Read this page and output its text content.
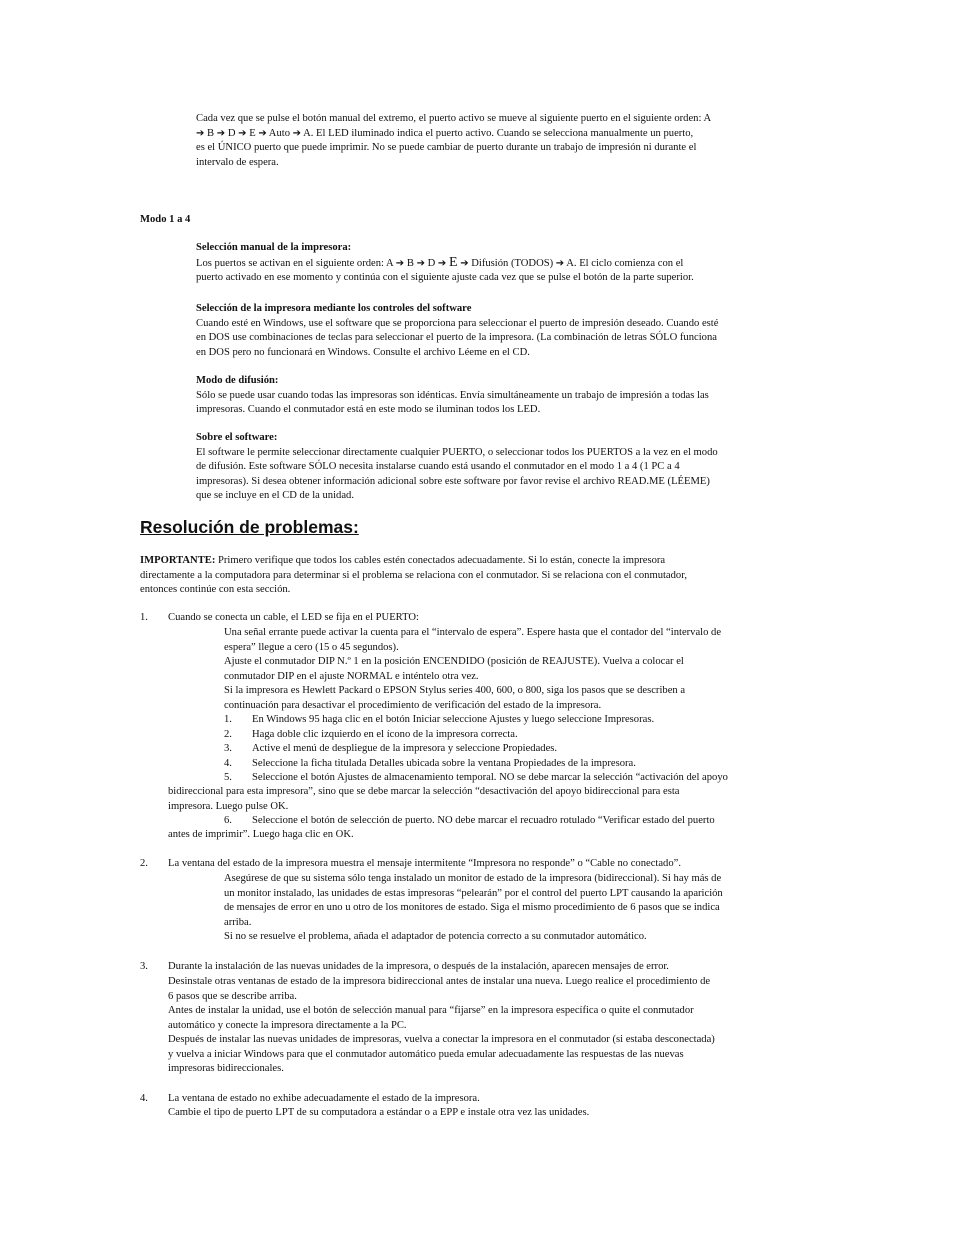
Cada vez que se pulse el botón manual del extremo, el puerto activo se mueve al siguiente puerto en el siguiente orden: A

➔ B ➔ D ➔ E ➔ Auto ➔ A. El LED iluminado indica el puerto activo. Cuando se selecciona manualmente un puerto,

es el ÚNICO puerto que puede imprimir. No se puede cambiar de puerto durante un trabajo de impresión ni durante el

intervalo de espera.

Modo 1 a 4

Selección manual de la impresora:

Los puertos se activan en el siguiente orden: A ➔ B ➔ D ➔ E ➔ Difusión (TODOS) ➔ A. El ciclo comienza con el

puerto activado en ese momento y continúa con el siguiente ajuste cada vez que se pulse el botón de la parte superior.

Selección de la impresora mediante los controles del software

Cuando esté en Windows, use el software que se proporciona para seleccionar el puerto de impresión deseado. Cuando esté

en DOS use combinaciones de teclas para seleccionar el puerto de la impresora. (La combinación de letras SÓLO funciona

en DOS pero no funcionará en Windows. Consulte el archivo Léeme en el CD.

Modo de difusión:

Sólo se puede usar cuando todas las impresoras son idénticas. Envía simultáneamente un trabajo de impresión a todas las

impresoras. Cuando el conmutador está en este modo se iluminan todos los LED.

Sobre el software:

El software le permite seleccionar directamente cualquier PUERTO, o seleccionar todos los PUERTOS a la vez en el modo

de difusión. Este software SÓLO necesita instalarse cuando está usando el conmutador en el modo 1 a 4 (1 PC a 4

impresoras). Si desea obtener información adicional sobre este software por favor revise el archivo READ.ME (LÉEME)

que se incluye en el CD de la unidad.

Resolución de problemas:

IMPORTANTE: Primero verifique que todos los cables estén conectados adecuadamente. Si lo están, conecte la impresora

directamente a la computadora para determinar si el problema se relaciona con el conmutador. Si se relaciona con el conmutador,

entonces continúe con esta sección.

1. Cuando se conecta un cable, el LED se fija en el PUERTO:

Una señal errante puede activar la cuenta para el “intervalo de espera”. Espere hasta que el contador del “intervalo de

espera” llegue a cero (15 o 45 segundos).

Ajuste el conmutador DIP N.º 1 en la posición ENCENDIDO (posición de REAJUSTE). Vuelva a colocar el

conmutador DIP en el ajuste NORMAL e inténtelo otra vez.

Si la impresora es Hewlett Packard o EPSON Stylus series 400, 600, o 800, siga los pasos que se describen a

continuación para desactivar el procedimiento de verificación del estado de la impresora.

1. En Windows 95 haga clic en el botón Iniciar seleccione Ajustes y luego seleccione Impresoras.

2. Haga doble clic izquierdo en el ícono de la impresora correcta.

3. Active el menú de despliegue de la impresora y seleccione Propiedades.

4. Seleccione la ficha titulada Detalles ubicada sobre la ventana Propiedades de la impresora.

5. Seleccione el botón Ajustes de almacenamiento temporal. NO se debe marcar la selección “activación del apoyo

bidireccional para esta impresora”, sino que se debe marcar la selección “desactivación del apoyo bidireccional para esta

impresora. Luego pulse OK.

6. Seleccione el botón de selección de puerto. NO debe marcar el recuadro rotulado “Verificar estado del puerto

antes de imprimir”. Luego haga clic en OK.

2. La ventana del estado de la impresora muestra el mensaje intermitente “Impresora no responde” o “Cable no conectado”.

Asegúrese de que su sistema sólo tenga instalado un monitor de estado de la impresora (bidireccional). Si hay más de

un monitor instalado, las unidades de estas impresoras “pelearán” por el control del puerto LPT causando la aparición

de mensajes de error en uno u otro de los monitores de estado. Siga el mismo procedimiento de 6 pasos que se indica

arriba.

Si no se resuelve el problema, añada el adaptador de potencia correcto a su conmutador automático.

3. Durante la instalación de las nuevas unidades de la impresora, o después de la instalación, aparecen mensajes de error.

Desinstale otras ventanas de estado de la impresora bidireccional antes de instalar una nueva. Luego realice el procedimiento de

6 pasos que se describe arriba.

Antes de instalar la unidad, use el botón de selección manual para “fijarse” en la impresora específica o quite el conmutador

automático y conecte la impresora directamente a la PC.

Después de instalar las nuevas unidades de impresoras, vuelva a conectar la impresora en el conmutador (si estaba desconectada)

y vuelva a iniciar Windows para que el conmutador automático pueda emular adecuadamente las respuestas de las nuevas

impresoras bidireccionales.

4. La ventana de estado no exhibe adecuadamente el estado de la impresora.

Cambie el tipo de puerto LPT de su computadora a estándar o a EPP e instale otra vez las unidades.
